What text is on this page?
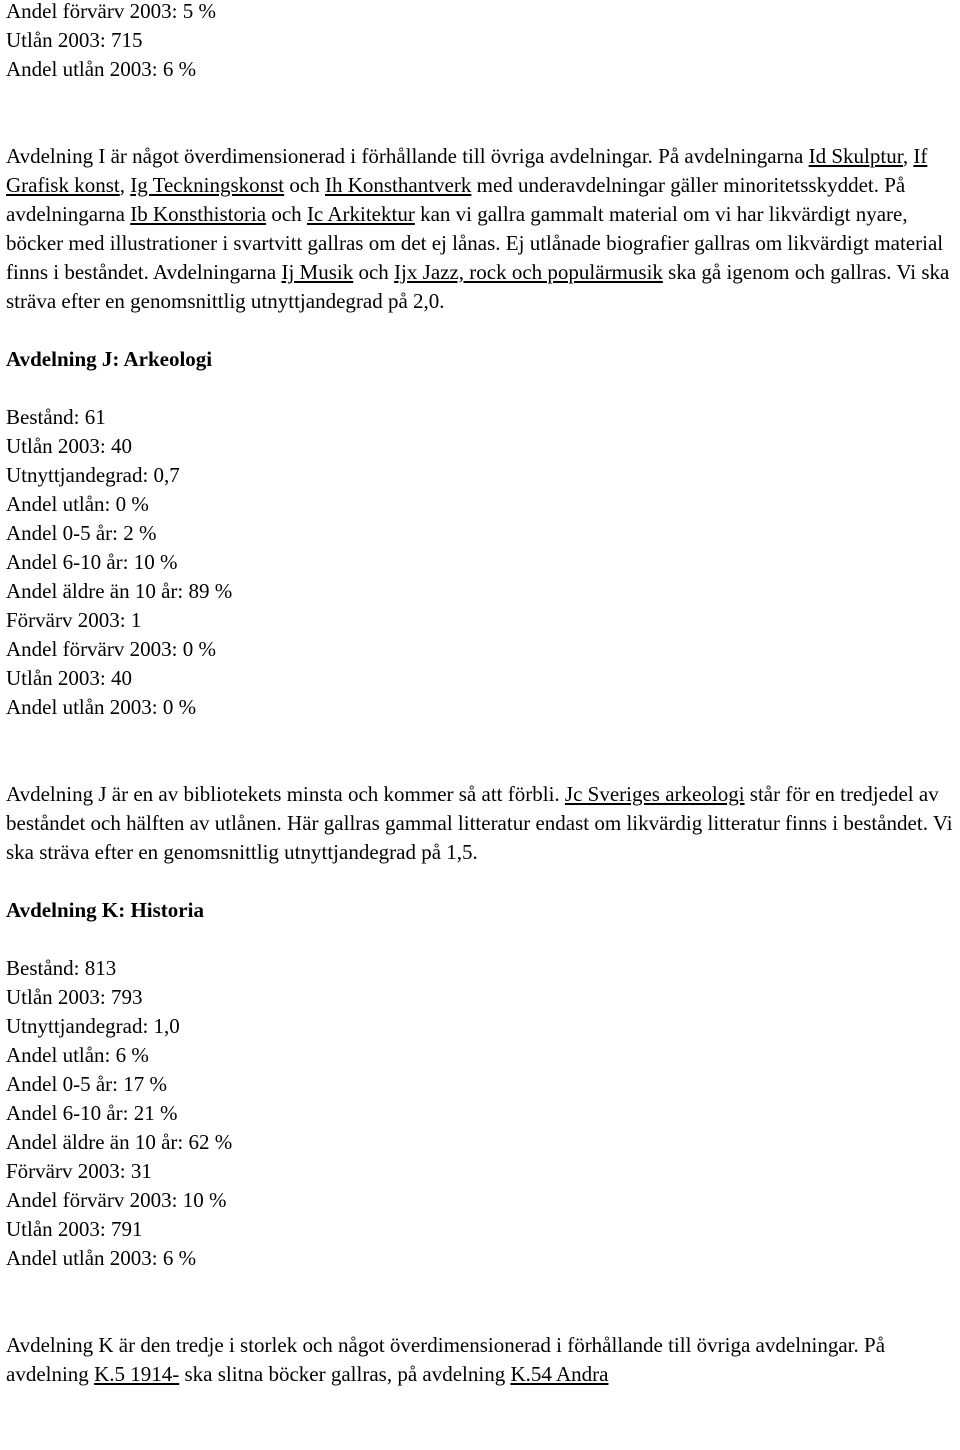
Andel förvärv 2003: 5 %
Utlån 2003: 715
Andel utlån 2003: 6 %
Avdelning I är något överdimensionerad i förhållande till övriga avdelningar. På avdelningarna Id Skulptur, If Grafisk konst, Ig Teckningskonst och Ih Konsthantverk med underavdelningar gäller minoritetsskyddet. På avdelningarna Ib Konsthistoria och Ic Arkitektur kan vi gallra gammalt material om vi har likvärdigt nyare, böcker med illustrationer i svartvitt gallras om det ej lånas. Ej utlånade biografier gallras om likvärdigt material finns i beståndet. Avdelningarna Ij Musik och Ijx Jazz, rock och populärmusik ska gå igenom och gallras. Vi ska sträva efter en genomsnittlig utnyttjandegrad på 2,0.
Avdelning J: Arkeologi
Bestånd: 61
Utlån 2003: 40
Utnyttjandegrad: 0,7
Andel utlån: 0 %
Andel 0-5 år: 2 %
Andel 6-10 år: 10 %
Andel äldre än 10 år: 89 %
Förvärv 2003: 1
Andel förvärv 2003: 0 %
Utlån 2003: 40
Andel utlån 2003: 0 %
Avdelning J är en av bibliotekets minsta och kommer så att förbli. Jc Sveriges arkeologi står för en tredjedel av beståndet och hälften av utlånen. Här gallras gammal litteratur endast om likvärdig litteratur finns i beståndet. Vi ska sträva efter en genomsnittlig utnyttjandegrad på 1,5.
Avdelning K: Historia
Bestånd: 813
Utlån 2003: 793
Utnyttjandegrad: 1,0
Andel utlån: 6 %
Andel 0-5 år: 17 %
Andel 6-10 år: 21 %
Andel äldre än 10 år: 62 %
Förvärv 2003: 31
Andel förvärv 2003: 10 %
Utlån 2003: 791
Andel utlån 2003: 6 %
Avdelning K är den tredje i storlek och något överdimensionerad i förhållande till övriga avdelningar. På avdelning K.5 1914- ska slitna böcker gallras, på avdelning K.54 Andra
